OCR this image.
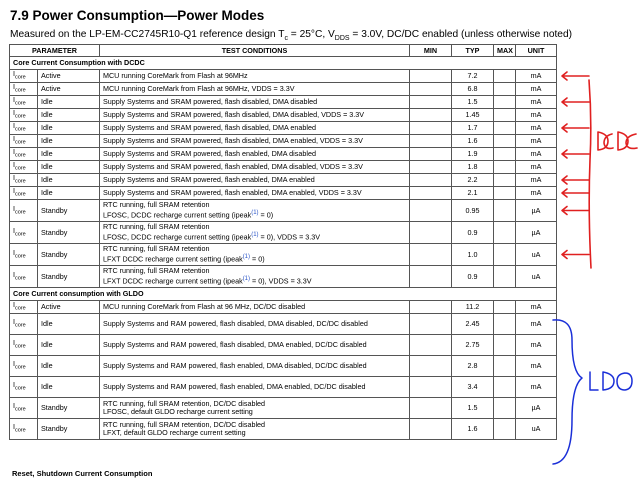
7.9 Power Consumption—Power Modes
Measured on the LP-EM-CC2745R10-Q1 reference design $T_c = 25^\circ C$, $V_{DDS} = 3.0V$, DC/DC enabled (unless otherwise noted)
PARAMETER		TEST CONDITIONS	MIN	TYP	MAX	UNIT
Core Current Consumption with DCDC						
$I_{core}$	Active	MCU running CoreMark from Flash at 96MHz		7.2		mA
$I_{core}$	Active	MCU running CoreMark from Flash at 96MHz, VDDS = 3.3V		6.8		mA
$I_{core}$	Idle	Supply Systems and SRAM powered, flash disabled, DMA disabled		1.5		mA
$I_{core}$	Idle	Supply Systems and SRAM powered, flash disabled, DMA disabled, VDDS = 3.3V		1.45		mA
$I_{core}$	Idle	Supply Systems and SRAM powered, flash disabled, DMA enabled		1.7		mA
$I_{core}$	Idle	Supply Systems and SRAM powered, flash disabled, DMA enabled, VDDS = 3.3V		1.6		mA
$I_{core}$	Idle	Supply Systems and SRAM powered, flash enabled, DMA disabled		1.9		mA
$I_{core}$	Idle	Supply Systems and SRAM powered, flash enabled, DMA disabled, VDDS = 3.3V		1.8		mA
$I_{core}$	Idle	Supply Systems and SRAM powered, flash enabled, DMA enabled		2.2		mA
$I_{core}$	Idle	Supply Systems and SRAM powered, flash enabled, DMA enabled, VDDS = 3.3V		2.1		mA
$I_{core}$	Standby	RTC running, full SRAM retention
LFOSC, DCDC recharge current setting (ipeak$^{(1)}$ = 0)		0.95		µA
$I_{core}$	Standby	RTC running, full SRAM retention
LFOSC, DCDC recharge current setting (ipeak$^{(1)}$ = 0), VDDS = 3.3V		0.9		µA
$I_{core}$	Standby	RTC running, full SRAM retention
LFXT DCDC recharge current setting (ipeak$^{(1)}$ = 0)		1.0		uA
$I_{core}$	Standby	RTC running, full SRAM retention
LFXT DCDC recharge current setting (ipeak$^{(1)}$ = 0), VDDS = 3.3V		0.9		uA
Core Current consumption with GLDO						
$I_{core}$	Active	MCU running CoreMark from Flash at 96 MHz, DC/DC disabled		11.2		mA
$I_{core}$	Idle	Supply Systems and RAM powered, flash disabled, DMA disabled, DC/DC disabled		2.45		mA
$I_{core}$	Idle	Supply Systems and RAM powered, flash disabled, DMA enabled, DC/DC disabled		2.75		mA
$I_{core}$	Idle	Supply Systems and RAM powered, flash enabled, DMA disabled, DC/DC disabled		2.8		mA
$I_{core}$	Idle	Supply Systems and RAM powered, flash enabled, DMA enabled, DC/DC disabled		3.4		mA
$I_{core}$	Standby	RTC running, full SRAM retention, DC/DC disabled
LFOSC, default GLDO recharge current setting		1.5		µA
$I_{core}$	Standby	RTC running, full SRAM retention, DC/DC disabled
LFXT, default GLDO recharge current setting		1.6		uA
Reset, Shutdown Current Consumption
